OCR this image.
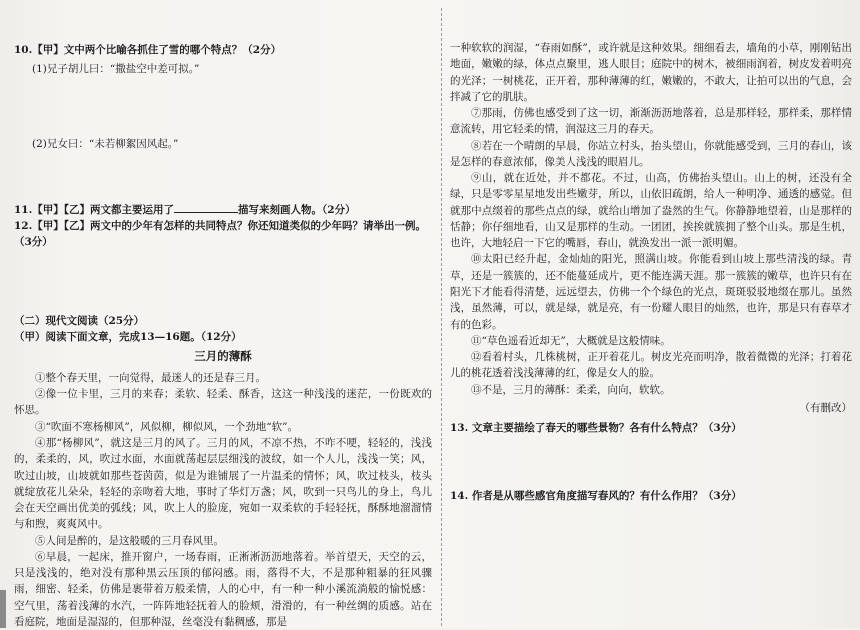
10.【甲】文中两个比喻各抓住了雪的哪个特点？（2分）

(1)兄子胡儿曰：“撒盐空中差可拟。”

(2)兄女曰：“未若柳絮因风起。”

11.【甲】【乙】两文都主要运用了	描写来刻画人物。（2分）

12.【甲】【乙】两文中的少年有怎样的共同特点？你还知道类似的少年吗？请举出一例。（3分）

（二）现代文阅读（25分）

（甲）阅读下面文章，完成13—16题。（12分）

三月的薄酥

①整个春天里，一向觉得，最迷人的还是春三月。

②像一位卡里，三月的来春；柔软、轻柔、酥香，这这一种浅浅的迷茫，一份既欢的怀思。

③“吹面不寒杨柳风”，风似柳，柳似风，一个劲地“软”。

④那“杨柳风”，就这是三月的风了。三月的风，不凉不热，不咋不哽，轻轻的，浅浅的，柔柔的，风，吹过水面，水面就荡起层层细浅的波纹，如一个人儿，浅浅一笑；风，吹过山坡，山坡就如那些苍茵茵，似是为谁铺展了一片温柔的情怀；风，吹过枝头，枝头就绽放花儿朵朵，轻轻的亲吻着大地，事时了华灯万盏；风，吹到一只鸟儿的身上，鸟儿会在天空画出优美的弧线；风，吹上人的脸庞，宛如一双柔软的手轻轻抚，酥酥地溜溜情与和煦，爽爽风中。

⑤人间是醉的，是这般暖的三月春风里。

⑥早晨，一起床，推开窗户，一场春雨，正淅淅沥沥地落着。举首望天，天空的云，只是浅浅的，绝对没有那种黑云压顶的郁闷感。雨，落得不大，不是那种粗暴的狂风骤雨，细密、轻柔，仿佛是裹带着万般柔情，人的心中，有一种一种小溪流淌般的愉悦感：空气里，荡着浅薄的水汽，一阵阵地轻抚着人的脸颊，滑滑的，有一种丝绸的质感。站在看庭院，地面是湿湿的，但那种湿，丝毫没有黏稠感，那是

一种软软的润湿，“春雨如酥”，或许就是这种效果。细细看去，墙角的小草，刚刚钻出地面，嫩嫩的绿，体点点聚里，逃人眼目；庭院中的树木，被细雨润着，树皮发着明亮的光泽；一树桃花，正开着，那种薄薄的红，嫩嫩的，不敢大，让拍可以出的气息，会拌减了它的肌肤。

⑦那雨，仿佛也感受到了这一切，渐渐沥沥地落着，总是那样轻，那样柔，那样情意流转，用它轻柔的情，润湿这三月的春天。

⑧若在一个晴朗的早晨，你站立村头，抬头望山，你就能感受到，三月的春山，该是怎样的春意浓郁，像美人浅浅的眼眉儿。

⑨山，就在近处，并不都花。不过，山高，仿佛抬头望山。山上的树，还没有全绿，只是零零星星地发出些嫩芽，所以，山依旧疏朗，给人一种明净、通透的感觉。但就那中点缀着的那些点点的绿，就给山增加了盎然的生气。你静静地望着，山是那样的恬静；你仔细地看，山又是那样的生动。一团团，挨挨就簇拥了整个山头。那是生机，也许，大地轻启一下它的嘴唇，春山，就涣发出一派一派明媚。

⑩太阳已经升起，金灿灿的阳光，照满山坡。你能看到山坡上那些清浅的绿。青草，还是一簇簇的，还不能蔓延成片，更不能连满天涯。那一簇簇的嫩草，也许只有在阳光下才能看得清楚，远远望去，仿佛一个个绿色的光点，斑斑驳驳地缀在那儿。虽然浅，虽然薄，可以，就是绿，就是亮，有一份耀人眼目的灿然，也许，那是只有春草才有的色彩。

⑪“草色遥看近却无”，大概就是这般情味。

⑫看着村头，几株桃树，正开着花儿。树皮光亮而明净，散着微微的光泽；打着花儿的桃花透着浅浅薄薄的红，像是女人的脸。

⑬不是，三月的薄酥：柔柔，向向，软软。

（有删改）

13. 文章主要描绘了春天的哪些景物？各有什么特点？（3分）

14. 作者是从哪些感官角度描写春风的？有什么作用？（3分）
